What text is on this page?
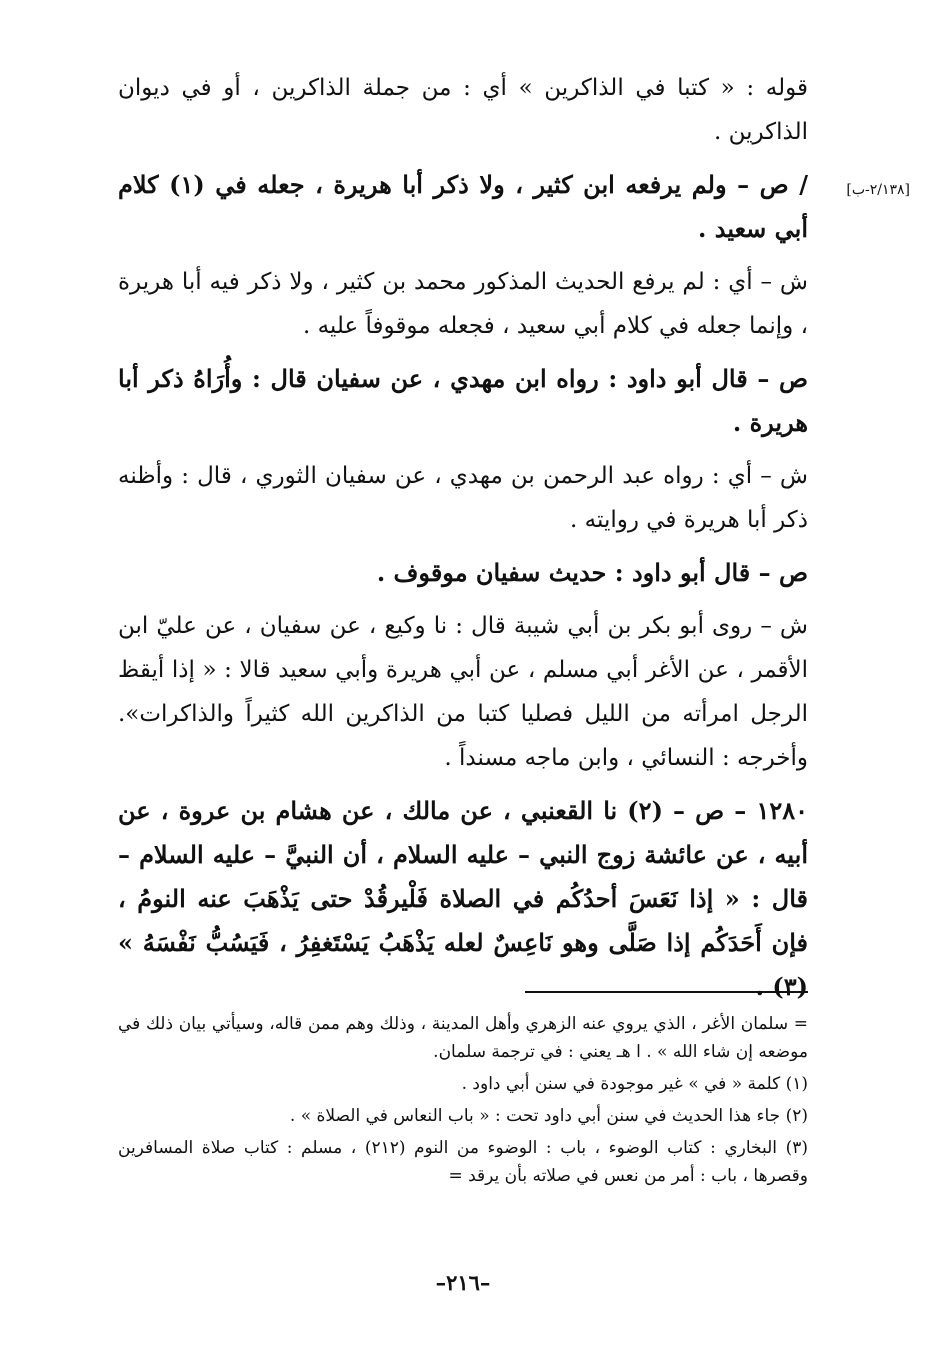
[٢/١٣٨-ب]

قوله : « كتبا في الذاكرين » أي : من جملة الذاكرين ، أو في ديوان الذاكرين .

/ ص – ولم يرفعه ابن كثير ، ولا ذكر أبا هريرة ، جعله في (١) كلام أبي سعيد .

ش – أي : لم يرفع الحديث المذكور محمد بن كثير ، ولا ذكر فيه أبا هريرة ، وإنما جعله في كلام أبي سعيد ، فجعله موقوفاً عليه .

ص – قال أبو داود : رواه ابن مهدي ، عن سفيان قال : وأُرَاهُ ذكر أبا هريرة .

ش – أي : رواه عبد الرحمن بن مهدي ، عن سفيان الثوري ، قال : وأظنه ذكر أبا هريرة في روايته .

ص – قال أبو داود : حديث سفيان موقوف .

ش – روى أبو بكر بن أبي شيبة قال : نا وكيع ، عن سفيان ، عن عليّ ابن الأقمر ، عن الأغر أبي مسلم ، عن أبي هريرة وأبي سعيد قالا : « إذا أيقظ الرجل امرأته من الليل فصليا كتبا من الذاكرين الله كثيراً والذاكرات». وأخرجه : النسائي ، وابن ماجه مسنداً .

١٢٨٠ – ص – (٢) نا القعنبي ، عن مالك ، عن هشام بن عروة ، عن أبيه ، عن عائشة زوج النبي – عليه السلام ، أن النبيَّ – عليه السلام – قال : « إذا نَعَسَ أحدُكُم في الصلاة فَلْيرقُدْ حتى يَذْهَبَ عنه النومُ ، فإن أَحَدَكُم إذا صَلَّى وهو نَاعِسٌ لعله يَذْهَبُ يَسْتَغفِرُ ، فَيَسُبُّ نَفْسَهُ » (٣) .

= سلمان الأغر ، الذي يروي عنه الزهري وأهل المدينة ، وذلك وهم ممن قاله، وسيأتي بيان ذلك في موضعه إن شاء الله » . ا هـ يعني : في ترجمة سلمان.

(١) كلمة « في » غير موجودة في سنن أبي داود .

(٢) جاء هذا الحديث في سنن أبي داود تحت : « باب النعاس في الصلاة » .

(٣) البخاري : كتاب الوضوء ، باب : الوضوء من النوم (٢١٢) ، مسلم : كتاب صلاة المسافرين وقصرها ، باب : أمر من نعس في صلاته بأن يرقد =

–٢١٦–
